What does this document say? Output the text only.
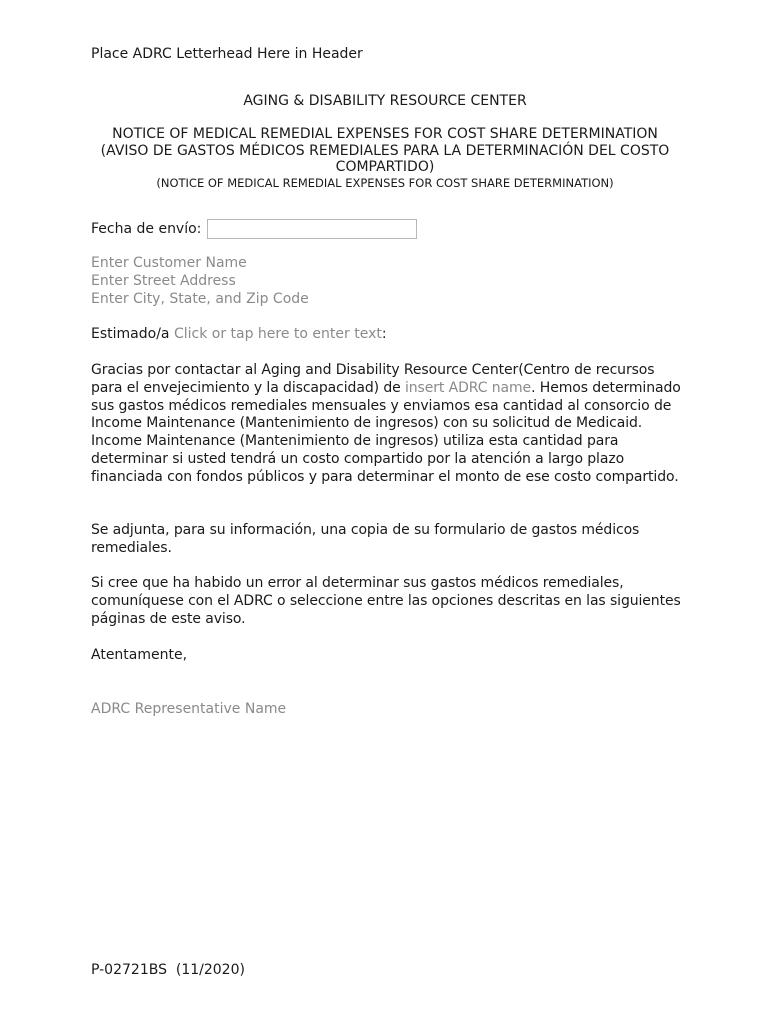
Place ADRC Letterhead Here in Header
AGING & DISABILITY RESOURCE CENTER
NOTICE OF MEDICAL REMEDIAL EXPENSES FOR COST SHARE DETERMINATION
(AVISO DE GASTOS MÉDICOS REMEDIALES PARA LA DETERMINACIÓN DEL COSTO
COMPARTIDO)
(NOTICE OF MEDICAL REMEDIAL EXPENSES FOR COST SHARE DETERMINATION)
Fecha de envío:
Enter Customer Name
Enter Street Address
Enter City, State, and Zip Code
Estimado/a Click or tap here to enter text:
Gracias por contactar al Aging and Disability Resource Center(Centro de recursos para el envejecimiento y la discapacidad) de insert ADRC name. Hemos determinado sus gastos médicos remediales mensuales y enviamos esa cantidad al consorcio de Income Maintenance (Mantenimiento de ingresos) con su solicitud de Medicaid. Income Maintenance (Mantenimiento de ingresos) utiliza esta cantidad para determinar si usted tendrá un costo compartido por la atención a largo plazo financiada con fondos públicos y para determinar el monto de ese costo compartido.
Se adjunta, para su información, una copia de su formulario de gastos médicos remediales.
Si cree que ha habido un error al determinar sus gastos médicos remediales, comuníquese con el ADRC o seleccione entre las opciones descritas en las siguientes páginas de este aviso.
Atentamente,
ADRC Representative Name
P-02721BS  (11/2020)
